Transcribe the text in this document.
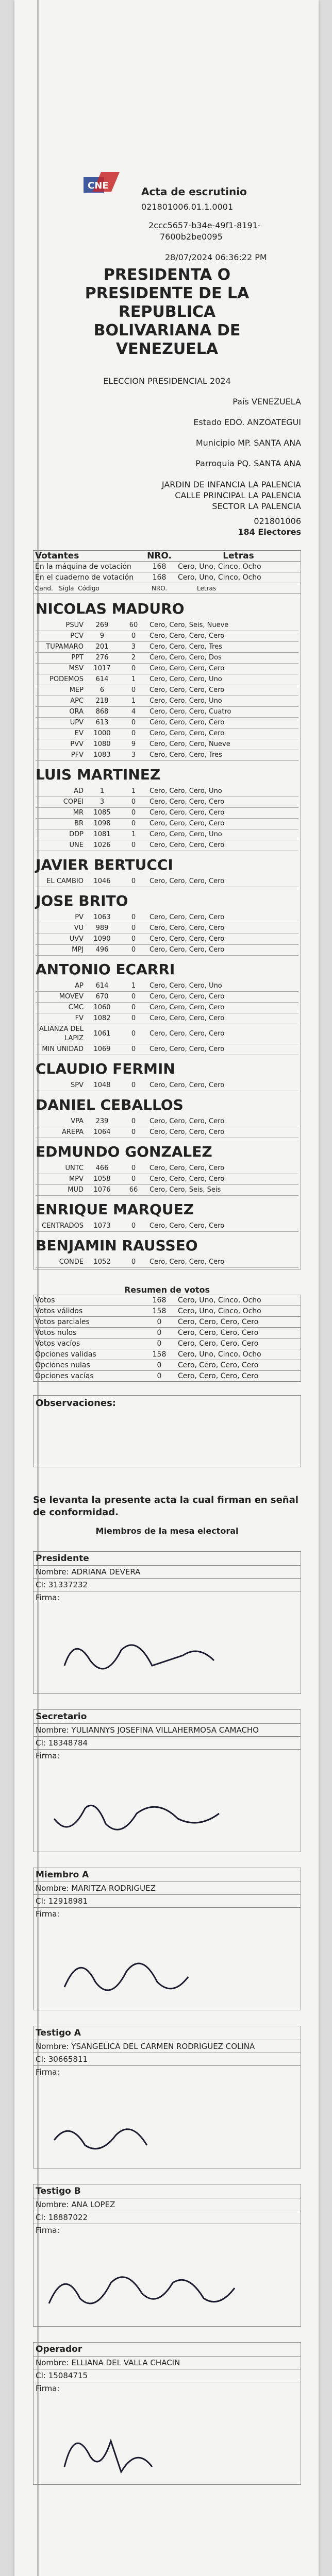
CNE	Acta de escrutinio
021801006.01.1.0001
2ccc5657-b34e-49f1-8191-
7600b2be0095
28/07/2024 06:36:22 PM
PRESIDENTA O
PRESIDENTE DE LA
REPUBLICA
BOLIVARIANA DE
VENEZUELA
ELECCION PRESIDENCIAL 2024
País VENEZUELA
Estado EDO. ANZOATEGUI
Municipio MP. SANTA ANA
Parroquia PQ. SANTA ANA
JARDIN DE INFANCIA LA PALENCIA
CALLE PRINCIPAL LA PALENCIA
SECTOR LA PALENCIA
021801006
184 Electores
Votantes	NRO.	Letras
En la máquina de votación	168	Cero, Uno, Cinco, Ocho
En el cuaderno de votación	168	Cero, Uno, Cinco, Ocho
Cand. Sigla Código	NRO.	Letras
NICOLAS MADURO
PSUV	269	60	Cero, Cero, Seis, Nueve
PCV	9	0	Cero, Cero, Cero, Cero
TUPAMARO	201	3	Cero, Cero, Cero, Tres
PPT	276	2	Cero, Cero, Cero, Dos
MSV	1017	0	Cero, Cero, Cero, Cero
PODEMOS	614	1	Cero, Cero, Cero, Uno
MEP	6	0	Cero, Cero, Cero, Cero
APC	218	1	Cero, Cero, Cero, Uno
ORA	868	4	Cero, Cero, Cero, Cuatro
UPV	613	0	Cero, Cero, Cero, Cero
EV	1000	0	Cero, Cero, Cero, Cero
PVV	1080	9	Cero, Cero, Cero, Nueve
PFV	1083	3	Cero, Cero, Cero, Tres
LUIS MARTINEZ
AD	1	1	Cero, Cero, Cero, Uno
COPEI	3	0	Cero, Cero, Cero, Cero
MR	1085	0	Cero, Cero, Cero, Cero
BR	1098	0	Cero, Cero, Cero, Cero
DDP	1081	1	Cero, Cero, Cero, Uno
UNE	1026	0	Cero, Cero, Cero, Cero
JAVIER BERTUCCI
EL CAMBIO	1046	0	Cero, Cero, Cero, Cero
JOSE BRITO
PV	1063	0	Cero, Cero, Cero, Cero
VU	989	0	Cero, Cero, Cero, Cero
UVV	1090	0	Cero, Cero, Cero, Cero
MPJ	496	0	Cero, Cero, Cero, Cero
ANTONIO ECARRI
AP	614	1	Cero, Cero, Cero, Uno
MOVEV	670	0	Cero, Cero, Cero, Cero
CMC	1060	0	Cero, Cero, Cero, Cero
FV	1082	0	Cero, Cero, Cero, Cero
ALIANZA DEL LAPIZ	1061	0	Cero, Cero, Cero, Cero
MIN UNIDAD	1069	0	Cero, Cero, Cero, Cero
CLAUDIO FERMIN
SPV	1048	0	Cero, Cero, Cero, Cero
DANIEL CEBALLOS
VPA	239	0	Cero, Cero, Cero, Cero
AREPA	1064	0	Cero, Cero, Cero, Cero
EDMUNDO GONZALEZ
UNTC	466	0	Cero, Cero, Cero, Cero
MPV	1058	0	Cero, Cero, Cero, Cero
MUD	1076	66	Cero, Cero, Seis, Seis
ENRIQUE MARQUEZ
CENTRADOS	1073	0	Cero, Cero, Cero, Cero
BENJAMIN RAUSSEO
CONDE	1052	0	Cero, Cero, Cero, Cero
Resumen de votos
Votos	168	Cero, Uno, Cinco, Ocho
Votos válidos	158	Cero, Uno, Cinco, Ocho
Votos parciales	0	Cero, Cero, Cero, Cero
Votos nulos	0	Cero, Cero, Cero, Cero
Votos vacíos	0	Cero, Cero, Cero, Cero
Opciones validas	158	Cero, Uno, Cinco, Ocho
Opciones nulas	0	Cero, Cero, Cero, Cero
Opciones vacías	0	Cero, Cero, Cero, Cero
Observaciones:
Se levanta la presente acta la cual firman en señal de conformidad.
Miembros de la mesa electoral
Presidente
Nombre: ADRIANA DEVERA
CI: 31337232
Firma:
Secretario
Nombre: YULIANNYS JOSEFINA VILLAHERMOSA CAMACHO
CI: 18348784
Firma:
Miembro A
Nombre: MARITZA RODRIGUEZ
CI: 12918981
Firma:
Testigo A
Nombre: YSANGELICA DEL CARMEN RODRIGUEZ COLINA
CI: 30665811
Firma:
Testigo B
Nombre: ANA LOPEZ
CI: 18887022
Firma:
Operador
Nombre: ELLIANA DEL VALLA CHACIN
CI: 15084715
Firma:
